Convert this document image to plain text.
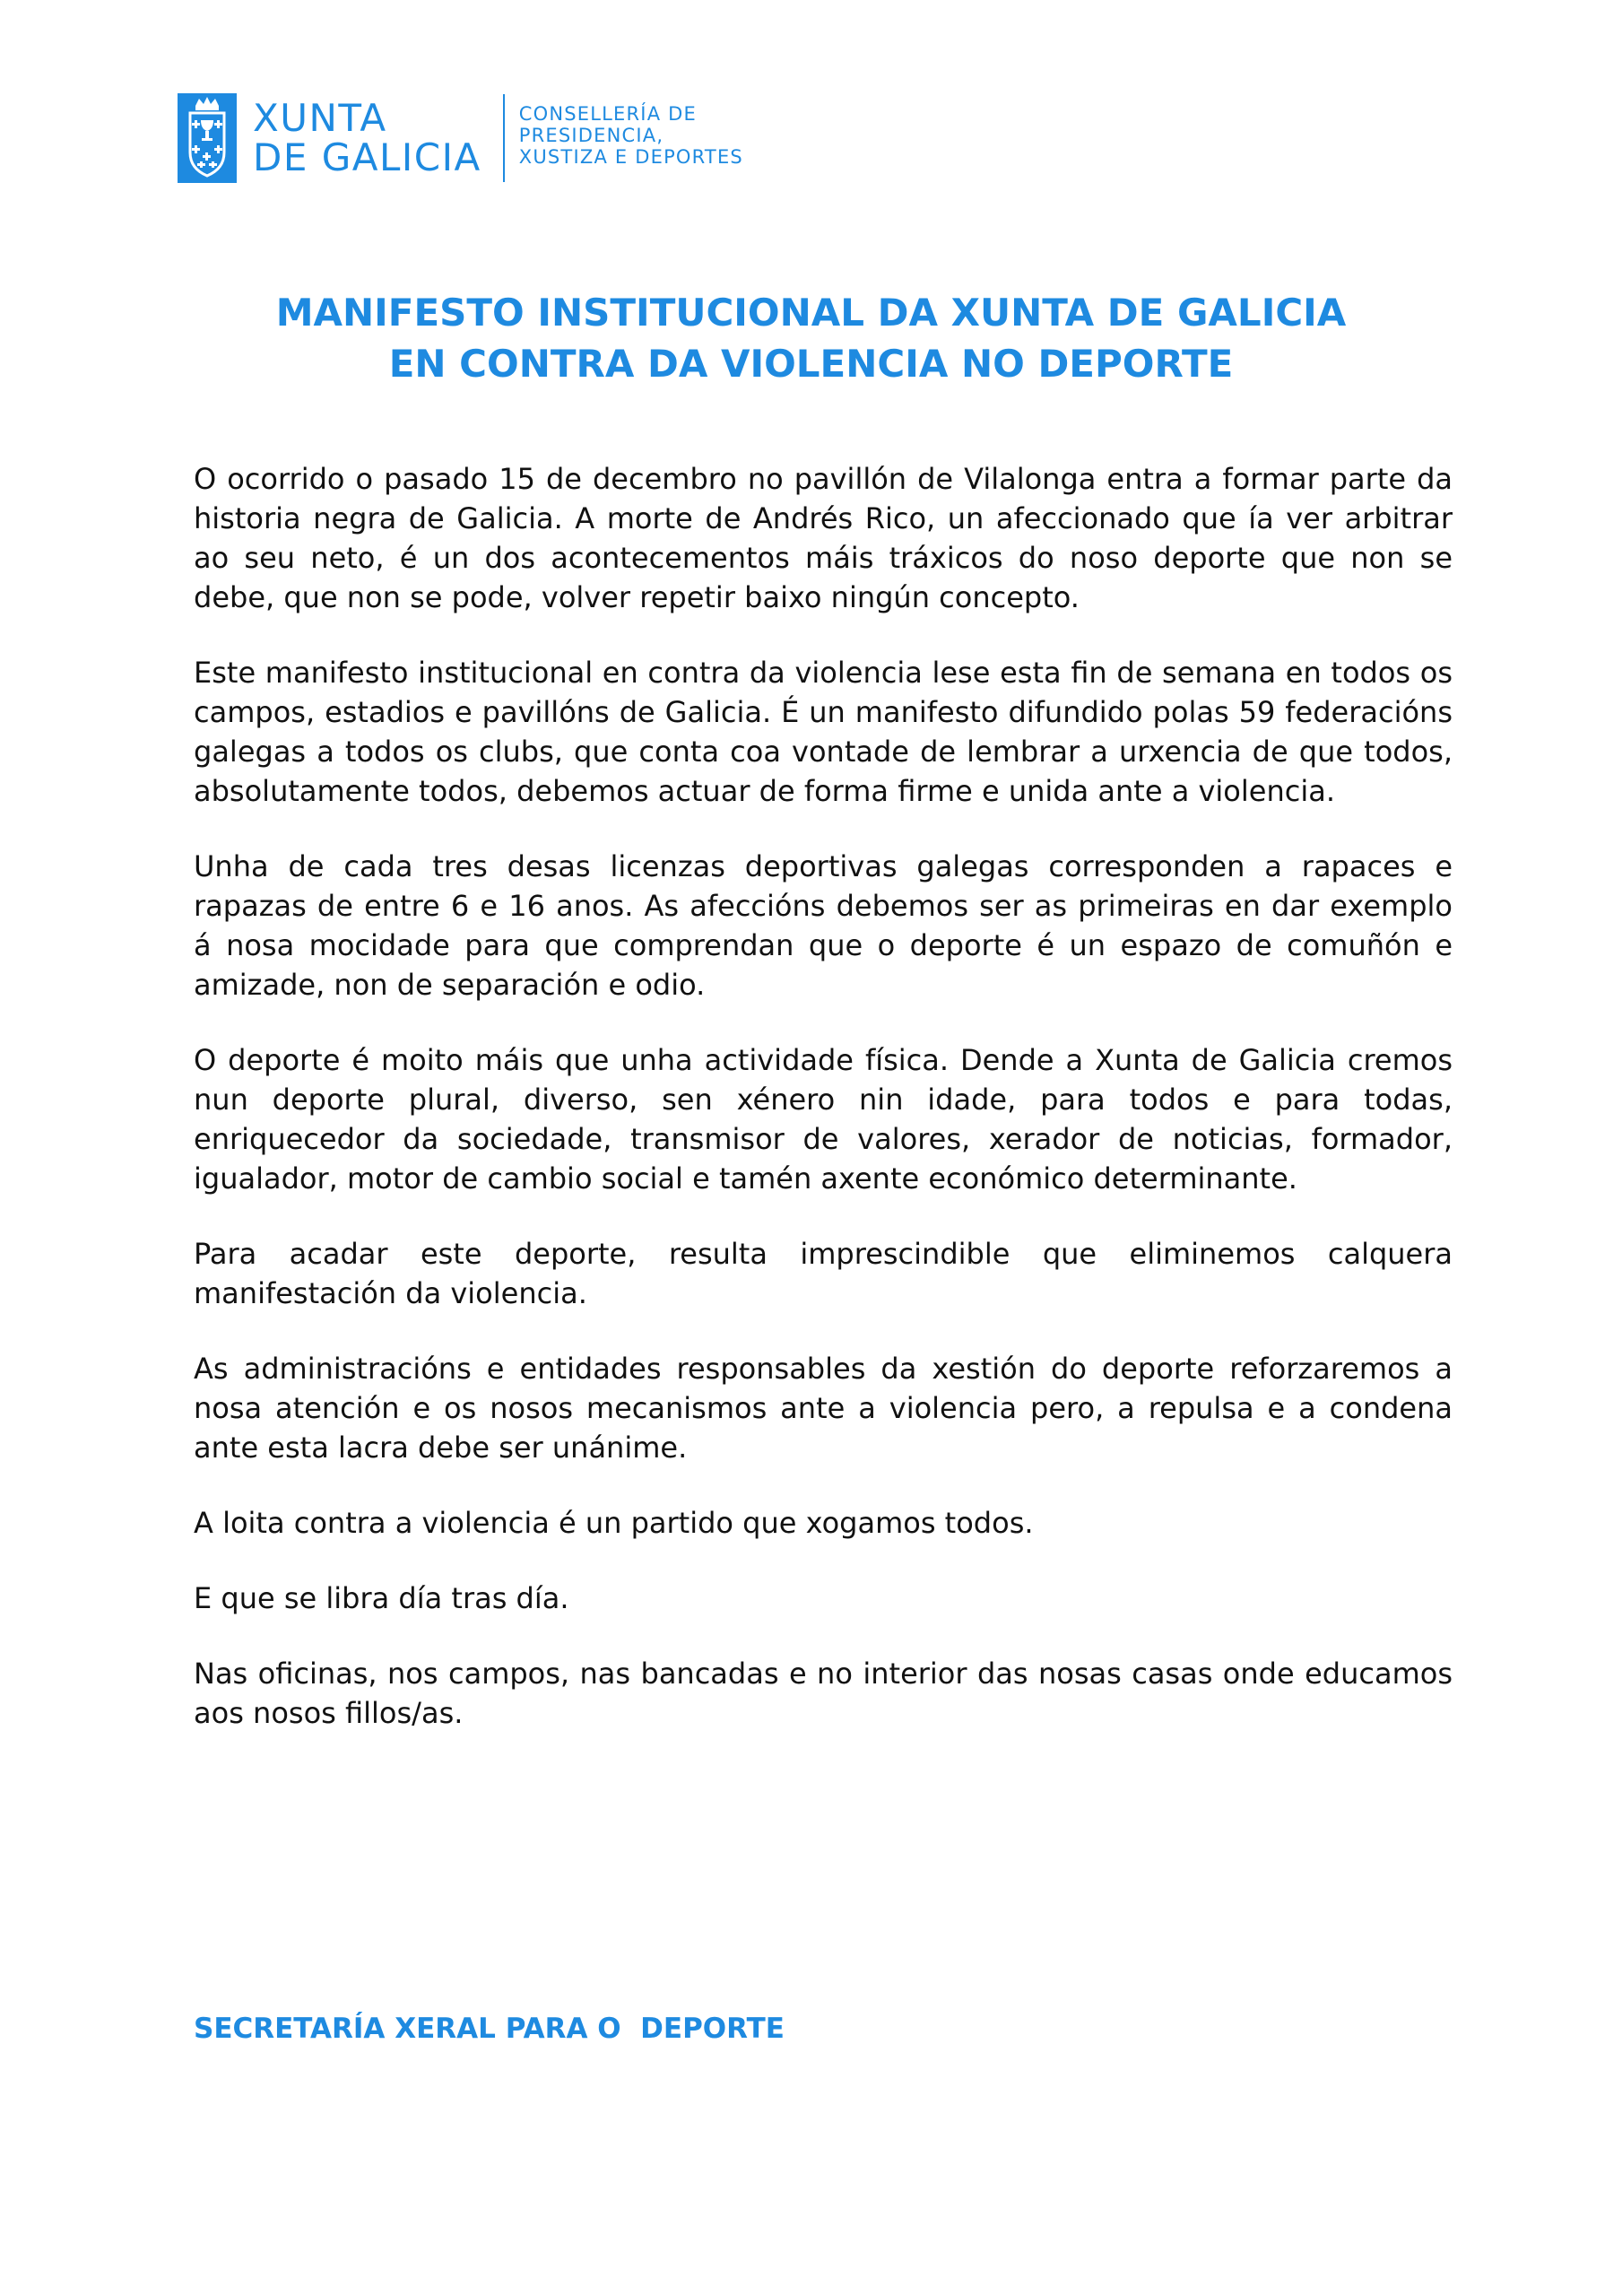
XUNTA
DE GALICIA
CONSELLERÍA DE
PRESIDENCIA,
XUSTIZA E DEPORTES
MANIFESTO INSTITUCIONAL DA XUNTA DE GALICIA
EN CONTRA DA VIOLENCIA NO DEPORTE

O ocorrido o pasado 15 de decembro no pavillón de Vilalonga entra a formar parte da historia negra de Galicia. A morte de Andrés Rico, un afeccionado que ía ver arbitrar ao seu neto, é un dos acontecementos máis tráxicos do noso deporte que non se debe, que non se pode, volver repetir baixo ningún concepto.

Este manifesto institucional en contra da violencia lese esta fin de semana en todos os campos, estadios e pavillóns de Galicia. É un manifesto difundido polas 59 federacións galegas a todos os clubs, que conta coa vontade de lembrar a urxencia de que todos, absolutamente todos, debemos actuar de forma firme e unida ante a violencia.

Unha de cada tres desas licenzas deportivas galegas corresponden a rapaces e rapazas de entre 6 e 16 anos. As afeccións debemos ser as primeiras en dar exemplo á nosa mocidade para que comprendan que o deporte é un espazo de comuñón e amizade, non de separación e odio.

O deporte é moito máis que unha actividade física. Dende a Xunta de Galicia cremos nun deporte plural, diverso, sen xénero nin idade, para todos e para todas, enriquecedor da sociedade, transmisor de valores, xerador de noticias, formador, igualador, motor de cambio social e tamén axente económico determinante.

Para acadar este deporte, resulta imprescindible que eliminemos calquera manifestación da violencia.

As administracións e entidades responsables da xestión do deporte reforzaremos a nosa atención e os nosos mecanismos ante a violencia pero, a repulsa e a condena ante esta lacra debe ser unánime.

A loita contra a violencia é un partido que xogamos todos.

E que se libra día tras día.

Nas oficinas, nos campos, nas bancadas e no interior das nosas casas onde educamos aos nosos fillos/as.

SECRETARÍA XERAL PARA O  DEPORTE
